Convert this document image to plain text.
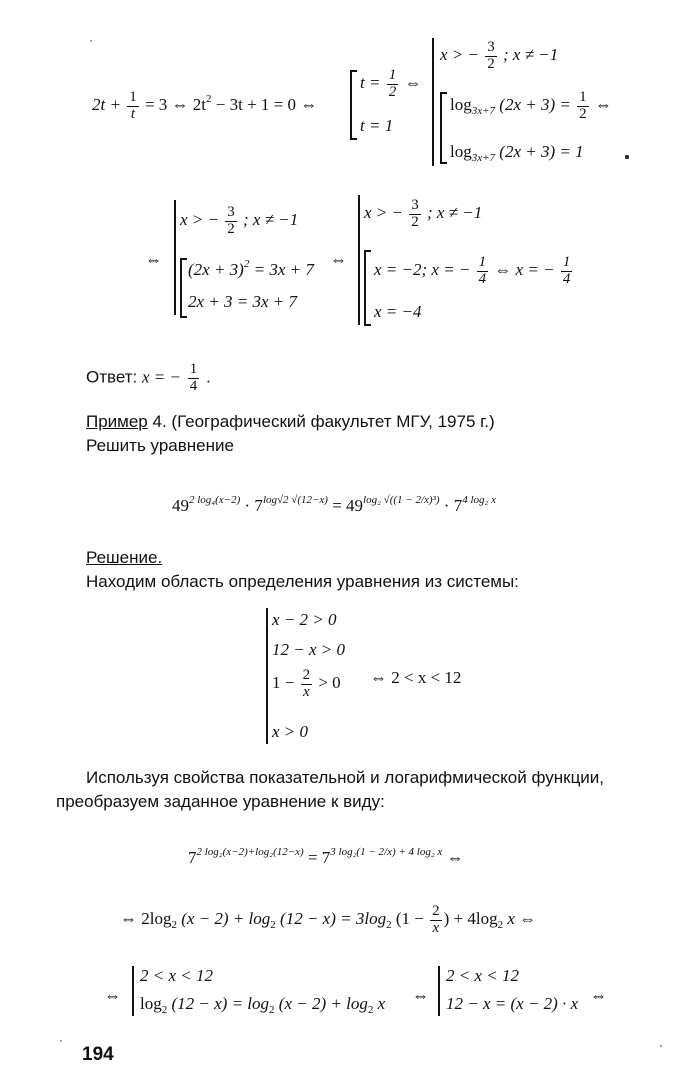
$2t + \frac{1}{t} = 3$ ⇔ $2t^2 - 3t + 1 = 0$ ⇔
$t = \frac{1}{2}$ ⇔
t = 1
x > − $\frac{3}{2}$ ; x ≠ −1
$\log_{3x+7} (2x + 3) = \frac{1}{2}$ ⇔
$\log_{3x+7} (2x + 3) = 1$
⇔
x > − $\frac{3}{2}$ ; x ≠ −1
$(2x + 3)^2 = 3x + 7$
2x + 3 = 3x + 7
⇔
x > − $\frac{3}{2}$ ; x ≠ −1
x = −2; x = − $\frac{1}{4}$ ⇔ x = − $\frac{1}{4}$
x = −4
Ответ: x = − $\frac{1}{4}$ .
Пример 4. (Географический факультет МГУ, 1975 г.)
Решить уравнение
$49^{2 log_4(x-2)} \cdot 7^{log√2 √(12-x)} = 49^{log_2 √((1 - 2/x)^3)} \cdot 7^{4 log_2 x}$
Решение.
Находим область определения уравнения из системы:
x − 2 > 0
12 − x > 0
$1 - \frac{2}{x} > 0$
x > 0
⇔ 2 < x < 12
Используя свойства показательной и логарифмической функции,
преобразуем заданное уравнение к виду:
$7^{2 log_2(x-2)+log_2(12-x)} = 7^{3 log_2(1 - 2/x) + 4 log_2 x}$ ⇔
⇔ $2\log_2$ $(x - 2) + \log_2 (12 - x) = 3\log_2$ ($1 - \frac{2}{x}$ ) + $4\log_2$ x ⇔
⇔
2 < x < 12
$\log_2 (12 - x) = \log_2 (x - 2) + \log_2 x$ ⇔
2 < x < 12
12 − x = (x − 2) · x ⇔
194
